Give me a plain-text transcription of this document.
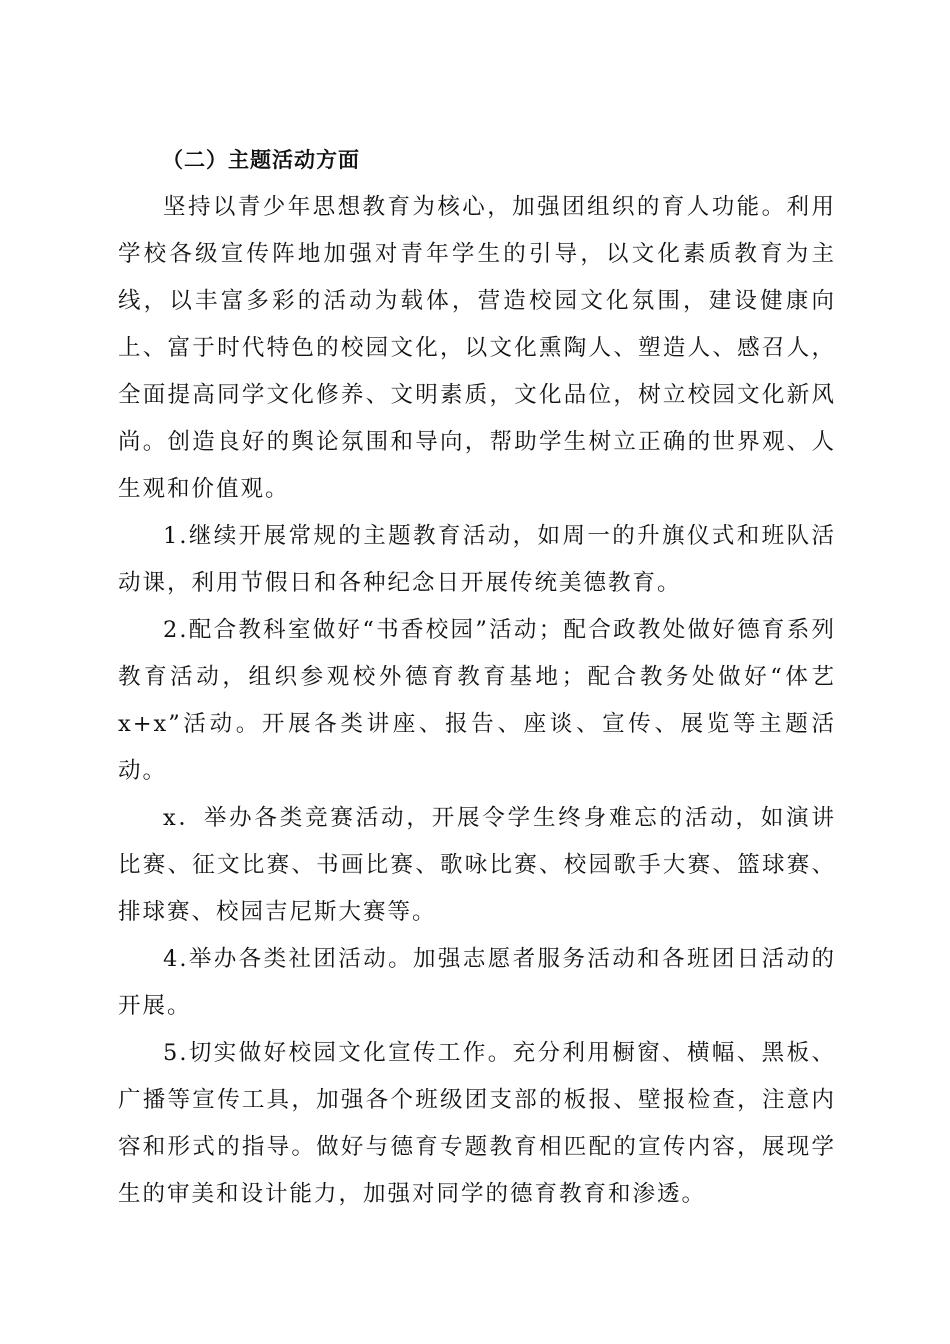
（二）主题活动方面

坚持以青少年思想教育为核心，加强团组织的育人功能。利用学校各级宣传阵地加强对青年学生的引导，以文化素质教育为主线，以丰富多彩的活动为载体，营造校园文化氛围，建设健康向上、富于时代特色的校园文化，以文化熏陶人、塑造人、感召人，全面提高同学文化修养、文明素质，文化品位，树立校园文化新风尚。创造良好的舆论氛围和导向，帮助学生树立正确的世界观、人生观和价值观。

1.继续开展常规的主题教育活动，如周一的升旗仪式和班队活动课，利用节假日和各种纪念日开展传统美德教育。

2.配合教科室做好“书香校园”活动；配合政教处做好德育系列教育活动，组织参观校外德育教育基地；配合教务处做好“体艺 x+x”活动。开展各类讲座、报告、座谈、宣传、展览等主题活动。

x．举办各类竞赛活动，开展令学生终身难忘的活动，如演讲比赛、征文比赛、书画比赛、歌咏比赛、校园歌手大赛、篮球赛、排球赛、校园吉尼斯大赛等。

4.举办各类社团活动。加强志愿者服务活动和各班团日活动的开展。

5.切实做好校园文化宣传工作。充分利用橱窗、横幅、黑板、广播等宣传工具，加强各个班级团支部的板报、壁报检查，注意内容和形式的指导。做好与德育专题教育相匹配的宣传内容，展现学生的审美和设计能力，加强对同学的德育教育和渗透。
